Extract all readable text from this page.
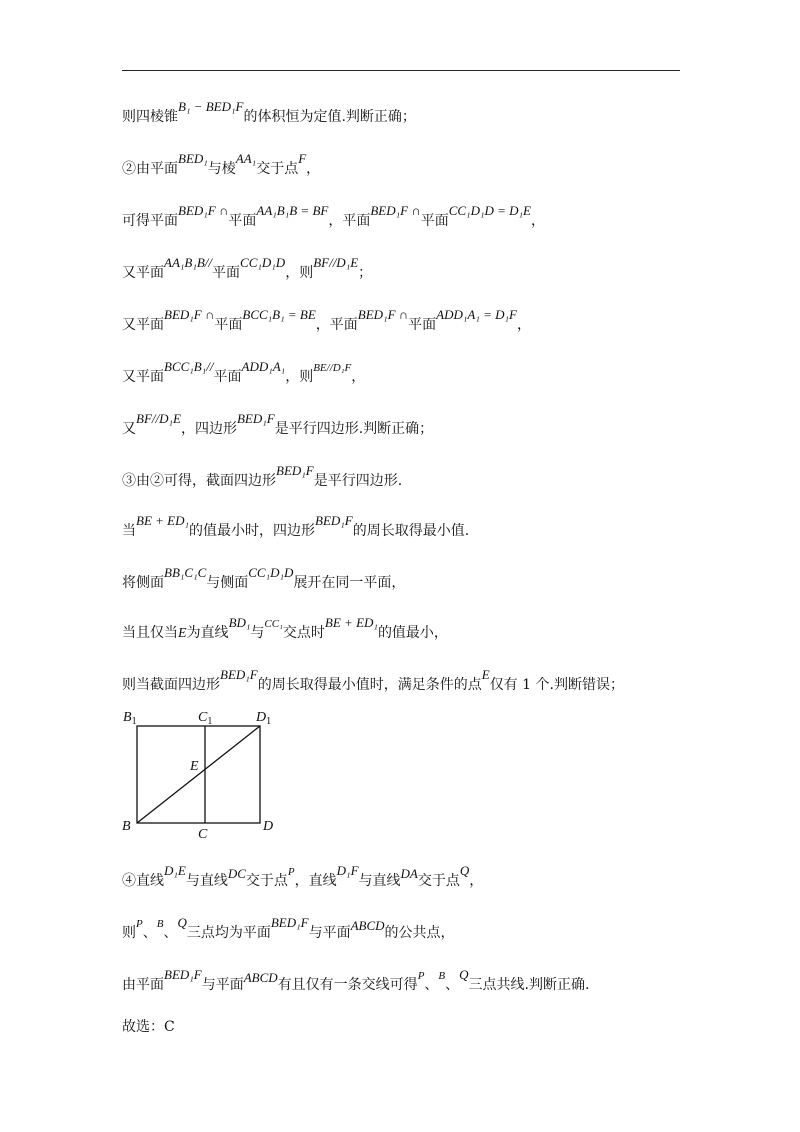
则四棱锥B₁ − BED₁F的体积恒为定值.判断正确；
②由平面BED₁与棱AA₁交于点F，
可得平面BED₁F ∩平面AA₁B₁B = BF，平面BED₁F ∩平面CC₁D₁D = D₁E，
又平面AA₁B₁B//平面CC₁D₁D，则BF//D₁E；
又平面BED₁F ∩平面BCC₁B₁ = BE，平面BED₁F ∩平面ADD₁A₁ = D₁F，
又平面BCC₁B₁//平面ADD₁A₁，则$^{BE//D_1F}$，
又BF//D₁E，四边形BED₁F是平行四边形.判断正确；
③由②可得，截面四边形BED₁F是平行四边形.
当BE + ED₁的值最小时，四边形BED₁F的周长取得最小值.
将侧面BB₁C₁C与侧面CC₁D₁D展开在同一平面，
当且仅当E为直线BD₁与$^{CC_1}$交点时BE + ED₁的值最小，
则当截面四边形BED₁F的周长取得最小值时，满足条件的点E仅有 1 个.判断错误；
$B_1$	$C_1$	$D_1$
E
B
C
D
④直线D₁E与直线DC交于点$^P$，直线D₁F与直线DA交于点Q，
则$^P$、$^B$、Q三点均为平面BED₁F与平面ABCD的公共点，
由平面BED₁F与平面ABCD有且仅有一条交线可得$^P$、$^B$、Q三点共线.判断正确.
故选：C
